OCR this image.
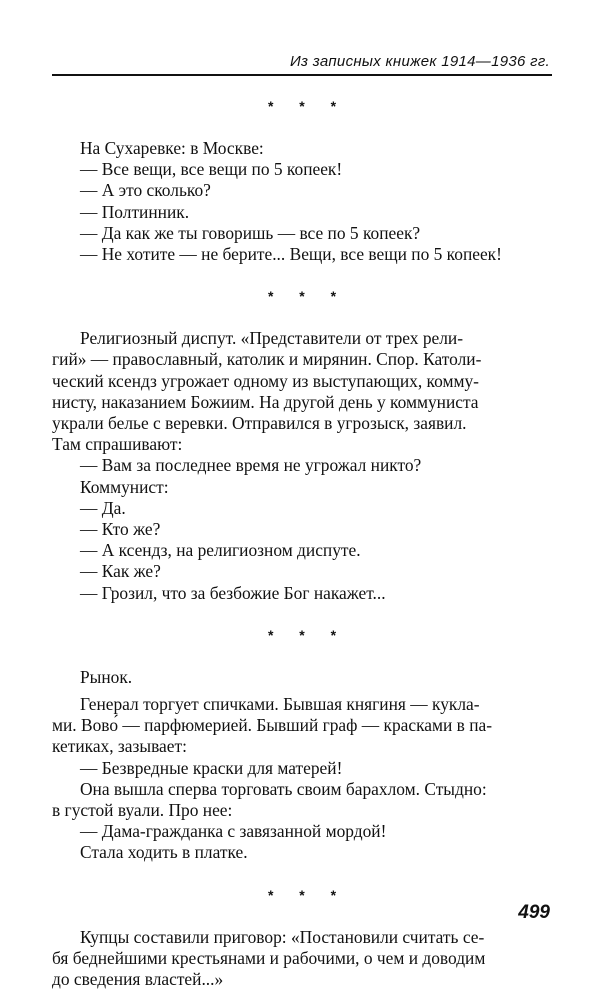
Из записных книжек 1914—1936 гг.
* * *
На Сухаревке: в Москве:
— Все вещи, все вещи по 5 копеек!
— А это сколько?
— Полтинник.
— Да как же ты говоришь — все по 5 копеек?
— Не хотите — не берите... Вещи, все вещи по 5 копеек!
* * *
Религиозный диспут. «Представители от трех рели-
гий» — православный, католик и мирянин. Спор. Католи-
ческий ксендз угрожает одному из выступающих, комму-
нисту, наказанием Божиим. На другой день у коммуниста
украли белье с веревки. Отправился в угрозыск, заявил.
Там спрашивают:
— Вам за последнее время не угрожал никто?
Коммунист:
— Да.
— Кто же?
— А ксендз, на религиозном диспуте.
— Как же?
— Грозил, что за безбожие Бог накажет...
* * *
Рынок.
Генерал торгует спичками. Бывшая княгиня — кукла-
ми. Вово́ — парфюмерией. Бывший граф — красками в па-
кетиках, зазывает:
— Безвредные краски для матерей!
Она вышла сперва торговать своим барахлом. Стыдно:
в густой вуали. Про нее:
— Дама-гражданка с завязанной мордой!
Стала ходить в платке.
* * *
Купцы составили приговор: «Постановили считать се-
бя беднейшими крестьянами и рабочими, о чем и доводим
до сведения властей...»
499
